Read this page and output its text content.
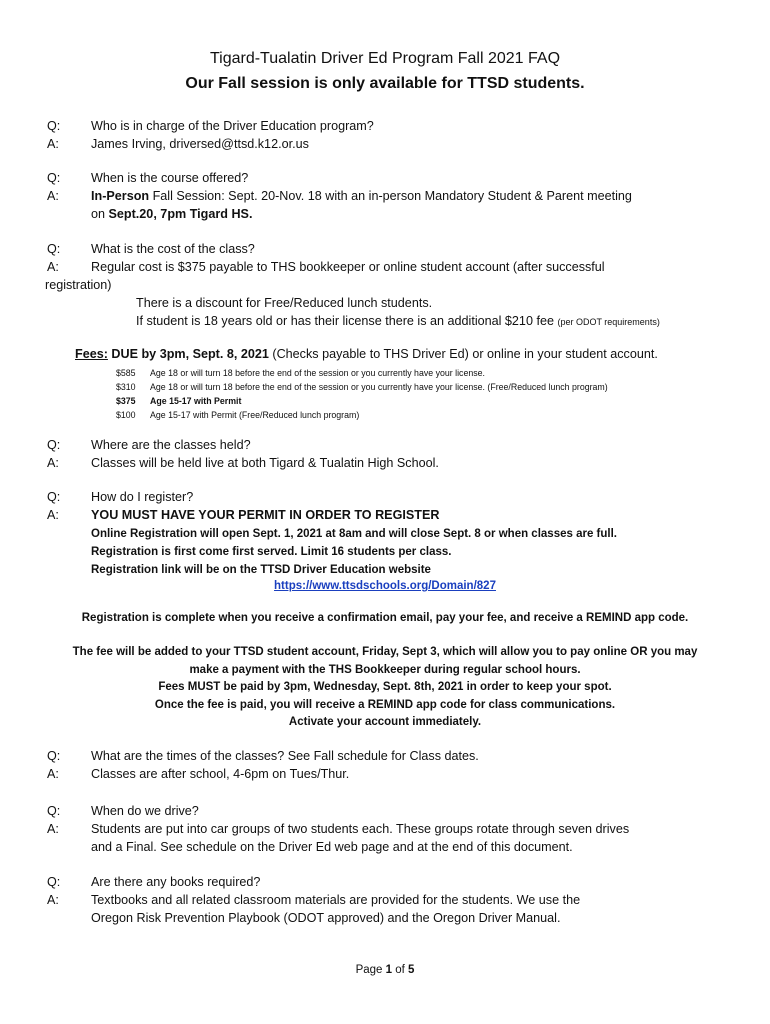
Tigard-Tualatin Driver Ed Program Fall 2021 FAQ
Our Fall session is only available for TTSD students.
Q:	Who is in charge of the Driver Education program?
A:	James Irving, driversed@ttsd.k12.or.us
Q:	When is the course offered?
A:	In-Person Fall Session: Sept. 20-Nov. 18 with an in-person Mandatory Student & Parent meeting
on Sept.20, 7pm Tigard HS.
Q:	What is the cost of the class?
A:	Regular cost is $375 payable to THS bookkeeper or online student account (after successful
registration)
There is a discount for Free/Reduced lunch students.
If student is 18 years old or has their license there is an additional $210 fee (per ODOT requirements)
Fees: DUE by 3pm, Sept. 8, 2021 (Checks payable to THS Driver Ed) or online in your student account.
$585	Age 18 or will turn 18 before the end of the session or you currently have your license.
$310	Age 18 or will turn 18 before the end of the session or you currently have your license. (Free/Reduced lunch program)
$375	Age 15-17 with Permit
$100	Age 15-17 with Permit (Free/Reduced lunch program)
Q:	Where are the classes held?
A:	Classes will be held live at both Tigard & Tualatin High School.
Q:	How do I register?
A:	YOU MUST HAVE YOUR PERMIT IN ORDER TO REGISTER
Online Registration will open Sept. 1, 2021 at 8am and will close Sept. 8 or when classes are full.
Registration is first come first served. Limit 16 students per class.
Registration link will be on the TTSD Driver Education website
https://www.ttsdschools.org/Domain/827
Registration is complete when you receive a confirmation email, pay your fee, and receive a REMIND app code.
The fee will be added to your TTSD student account, Friday, Sept 3, which will allow you to pay online OR you may
make a payment with the THS Bookkeeper during regular school hours.
Fees MUST be paid by 3pm, Wednesday, Sept. 8th, 2021 in order to keep your spot.
Once the fee is paid, you will receive a REMIND app code for class communications.
Activate your account immediately.
Q:	What are the times of the classes? See Fall schedule for Class dates.
A:	Classes are after school, 4-6pm on Tues/Thur.
Q:	When do we drive?
A:	Students are put into car groups of two students each. These groups rotate through seven drives
and a Final. See schedule on the Driver Ed web page and at the end of this document.
Q:	Are there any books required?
A:	Textbooks and all related classroom materials are provided for the students. We use the
Oregon Risk Prevention Playbook (ODOT approved) and the Oregon Driver Manual.
Page 1 of 5
